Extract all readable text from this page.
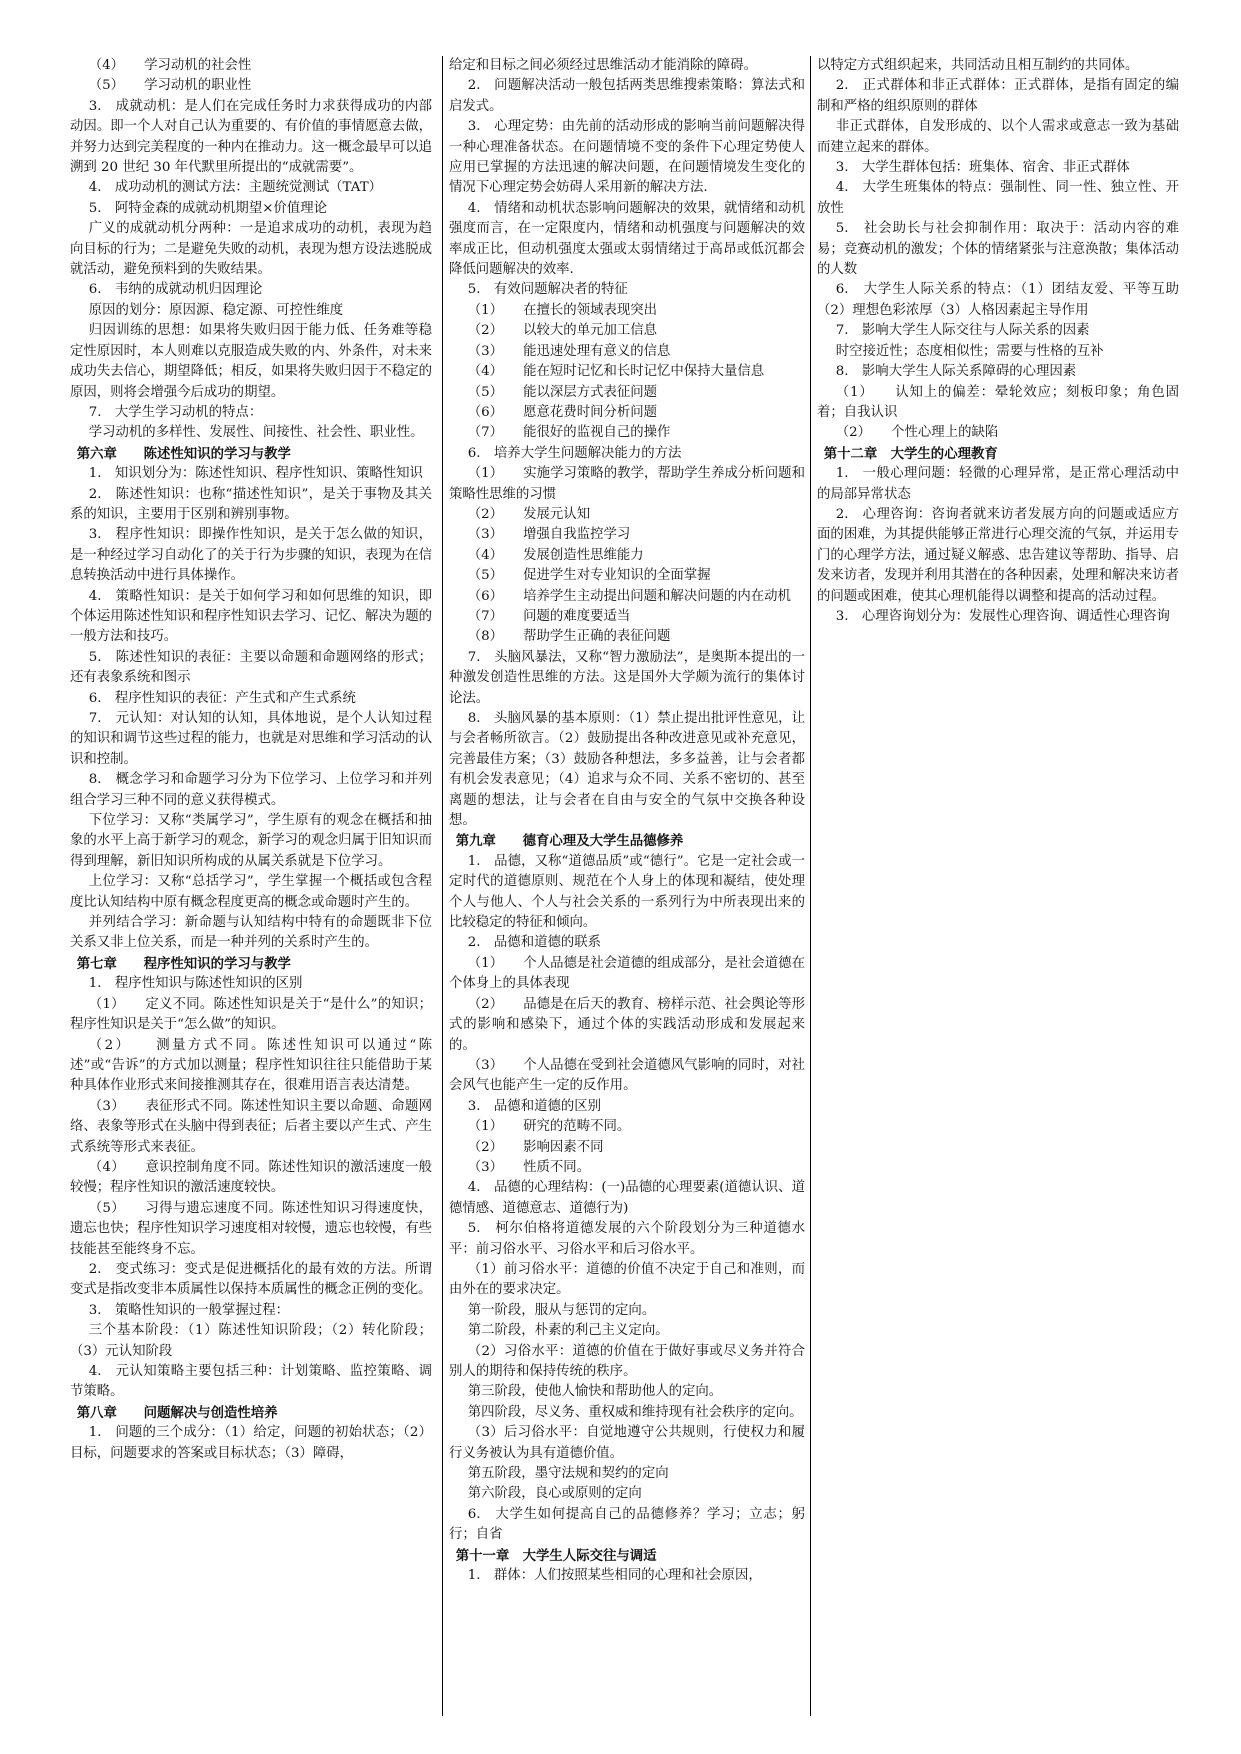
（4）　　学习动机的社会性

（5）　　学习动机的职业性

3.　成就动机：是人们在完成任务时力求获得成功的内部动因。即一个人对自己认为重要的、有价值的事情愿意去做，并努力达到完美程度的一种内在推动力。这一概念最早可以追溯到 20 世纪 30 年代默里所提出的“成就需要”。

4.　成功动机的测试方法：主题统觉测试（TAT）

5.　阿特金森的成就动机期望×价值理论

广义的成就动机分两种：一是追求成功的动机，表现为趋向目标的行为；二是避免失败的动机，表现为想方设法逃脱成就活动，避免预料到的失败结果。

6.　韦纳的成就动机归因理论

原因的划分：原因源、稳定源、可控性维度

归因训练的思想：如果将失败归因于能力低、任务难等稳定性原因时，本人则难以克服造成失败的内、外条件，对未来成功失去信心，期望降低；相反，如果将失败归因于不稳定的原因，则将会增强今后成功的期望。

7.　大学生学习动机的特点：

学习动机的多样性、发展性、间接性、社会性、职业性。

第六章　　陈述性知识的学习与教学

1.　知识划分为：陈述性知识、程序性知识、策略性知识

2.　陈述性知识：也称“描述性知识”，是关于事物及其关系的知识，主要用于区别和辨别事物。

3.　程序性知识：即操作性知识，是关于怎么做的知识，是一种经过学习自动化了的关于行为步骤的知识，表现为在信息转换活动中进行具体操作。

4.　策略性知识：是关于如何学习和如何思维的知识，即个体运用陈述性知识和程序性知识去学习、记忆、解决为题的一般方法和技巧。

5.　陈述性知识的表征：主要以命题和命题网络的形式；还有表象系统和图示

6.　程序性知识的表征：产生式和产生式系统

7.　元认知：对认知的认知，具体地说，是个人认知过程的知识和调节这些过程的能力，也就是对思维和学习活动的认识和控制。

8.　概念学习和命题学习分为下位学习、上位学习和并列组合学习三种不同的意义获得模式。

下位学习：又称“类属学习”，学生原有的观念在概括和抽象的水平上高于新学习的观念，新学习的观念归属于旧知识而得到理解，新旧知识所构成的从属关系就是下位学习。

上位学习：又称“总括学习”，学生掌握一个概括或包含程度比认知结构中原有概念程度更高的概念或命题时产生的。

并列结合学习：新命题与认知结构中特有的命题既非下位关系又非上位关系，而是一种并列的关系时产生的。

第七章　　程序性知识的学习与教学

1.　程序性知识与陈述性知识的区别

（1）　　定义不同。陈述性知识是关于“是什么”的知识；程序性知识是关于“怎么做”的知识。

（2）　　测量方式不同。陈述性知识可以通过“陈述”或“告诉”的方式加以测量；程序性知识往往只能借助于某种具体作业形式来间接推测其存在，很难用语言表达清楚。

（3）　　表征形式不同。陈述性知识主要以命题、命题网络、表象等形式在头脑中得到表征；后者主要以产生式、产生式系统等形式来表征。

（4）　　意识控制角度不同。陈述性知识的激活速度一般较慢；程序性知识的激活速度较快。

（5）　　习得与遗忘速度不同。陈述性知识习得速度快，遗忘也快；程序性知识学习速度相对较慢，遗忘也较慢，有些技能甚至能终身不忘。

2.　变式练习：变式是促进概括化的最有效的方法。所谓变式是指改变非本质属性以保持本质属性的概念正例的变化。

3.　策略性知识的一般掌握过程：

三个基本阶段：（1）陈述性知识阶段；（2）转化阶段；（3）元认知阶段

4.　元认知策略主要包括三种：计划策略、监控策略、调节策略。

第八章　　问题解决与创造性培养

1.　问题的三个成分：（1）给定，问题的初始状态；（2）目标，问题要求的答案或目标状态；（3）障碍，

给定和目标之间必须经过思维活动才能消除的障碍。

2.　问题解决活动一般包括两类思维搜索策略：算法式和启发式。

3.　心理定势：由先前的活动形成的影响当前问题解决得一种心理准备状态。在问题情境不变的条件下心理定势使人应用已掌握的方法迅速的解决问题，在问题情境发生变化的情况下心理定势会妨碍人采用新的解决方法.

4.　情绪和动机状态影响问题解决的效果，就情绪和动机强度而言，在一定限度内，情绪和动机强度与问题解决的效率成正比，但动机强度太强或太弱情绪过于高昂或低沉都会降低问题解决的效率.

5.　有效问题解决者的特征

（1）　　在擅长的领域表现突出

（2）　　以较大的单元加工信息

（3）　　能迅速处理有意义的信息

（4）　　能在短时记忆和长时记忆中保持大量信息

（5）　　能以深层方式表征问题

（6）　　愿意花费时间分析问题

（7）　　能很好的监视自己的操作

6.　培养大学生问题解决能力的方法

（1）　　实施学习策略的教学，帮助学生养成分析问题和策略性思维的习惯

（2）　　发展元认知

（3）　　增强自我监控学习

（4）　　发展创造性思维能力

（5）　　促进学生对专业知识的全面掌握

（6）　　培养学生主动提出问题和解决问题的内在动机

（7）　　问题的难度要适当

（8）　　帮助学生正确的表征问题

7.　头脑风暴法，又称“智力激励法”，是奥斯本提出的一种激发创造性思维的方法。这是国外大学颇为流行的集体讨论法。

8.　头脑风暴的基本原则：（1）禁止提出批评性意见，让与会者畅所欲言。（2）鼓励提出各种改进意见或补充意见，完善最佳方案；（3）鼓励各种想法，多多益善，让与会者都有机会发表意见；（4）追求与众不同、关系不密切的、甚至离题的想法，让与会者在自由与安全的气氛中交换各种设想。

第九章　　德育心理及大学生品德修养

1.　品德，又称“道德品质”或“德行”。它是一定社会或一定时代的道德原则、规范在个人身上的体现和凝结，使处理个人与他人、个人与社会关系的一系列行为中所表现出来的比较稳定的特征和倾向。

2.　品德和道德的联系

（1）　　个人品德是社会道德的组成部分，是社会道德在个体身上的具体表现

（2）　　品德是在后天的教育、榜样示范、社会舆论等形式的影响和感染下，通过个体的实践活动形成和发展起来的。

（3）　　个人品德在受到社会道德风气影响的同时，对社会风气也能产生一定的反作用。

3.　品德和道德的区别

（1）　　研究的范畴不同。

（2）　　影响因素不同

（3）　　性质不同。

4.　品德的心理结构：(一)品德的心理要素(道德认识、道德情感、道德意志、道德行为)

5.　柯尔伯格将道德发展的六个阶段划分为三种道德水平：前习俗水平、习俗水平和后习俗水平。

（1）前习俗水平：道德的价值不决定于自己和准则，而由外在的要求决定。

第一阶段，服从与惩罚的定向。

第二阶段，朴素的利己主义定向。

（2）习俗水平：道德的价值在于做好事或尽义务并符合别人的期待和保持传统的秩序。

第三阶段，使他人愉快和帮助他人的定向。

第四阶段，尽义务、重权威和维持现有社会秩序的定向。

（3）后习俗水平：自觉地遵守公共规则，行使权力和履行义务被认为具有道德价值。

第五阶段，墨守法规和契约的定向

第六阶段，良心或原则的定向

6.　大学生如何提高自己的品德修养？学习；立志；躬行；自省

第十一章　大学生人际交往与调适

1.　群体：人们按照某些相同的心理和社会原因，

以特定方式组织起来，共同活动且相互制约的共同体。

2.　正式群体和非正式群体：正式群体，是指有固定的编制和严格的组织原则的群体

非正式群体，自发形成的、以个人需求或意志一致为基础而建立起来的群体。

3.　大学生群体包括：班集体、宿舍、非正式群体

4.　大学生班集体的特点：强制性、同一性、独立性、开放性

5.　社会助长与社会抑制作用：取决于：活动内容的难易；竞赛动机的激发；个体的情绪紧张与注意涣散；集体活动的人数

6.　大学生人际关系的特点：（1）团结友爱、平等互助（2）理想色彩浓厚（3）人格因素起主导作用

7.　影响大学生人际交往与人际关系的因素

时空接近性；态度相似性；需要与性格的互补

8.　影响大学生人际关系障碍的心理因素

（1）　　认知上的偏差：晕轮效应；刻板印象；角色固着；自我认识

（2）　　个性心理上的缺陷

第十二章　大学生的心理教育

1.　一般心理问题：轻微的心理异常，是正常心理活动中的局部异常状态

2.　心理咨询：咨询者就来访者发展方向的问题或适应方面的困难，为其提供能够正常进行心理交流的气氛，并运用专门的心理学方法，通过疑义解惑、忠告建议等帮助、指导、启发来访者，发现并利用其潜在的各种因素，处理和解决来访者的问题或困难，使其心理机能得以调整和提高的活动过程。

3.　心理咨询划分为：发展性心理咨询、调适性心理咨询
